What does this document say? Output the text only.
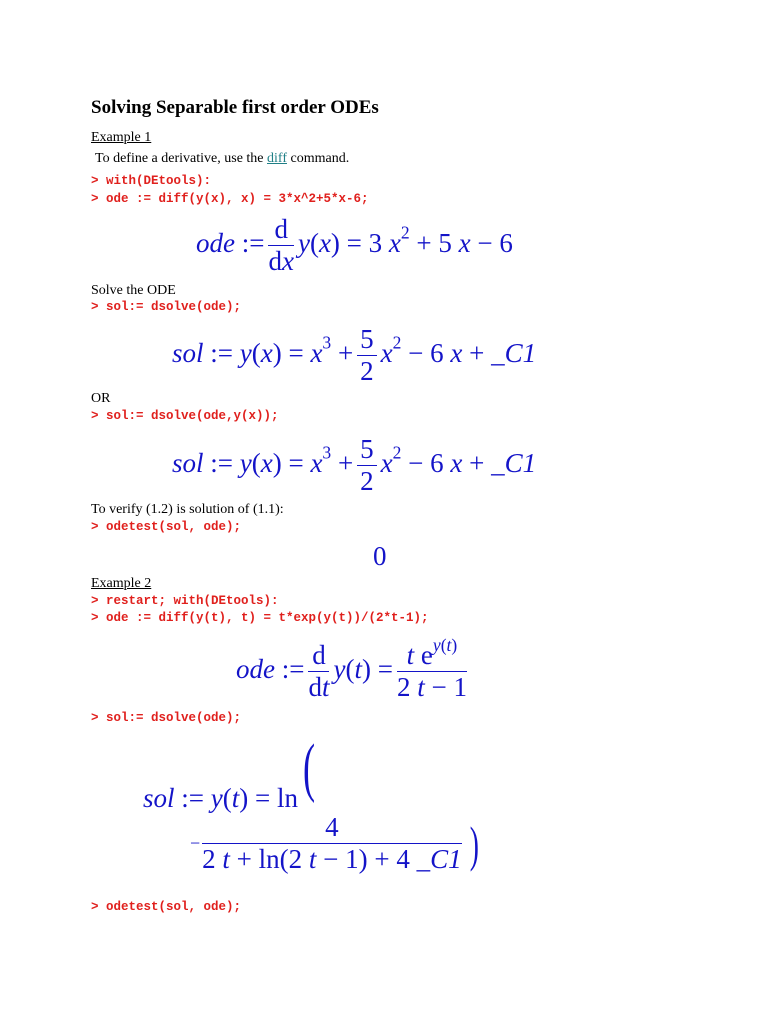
Solving Separable first order ODEs
Example 1
To define a derivative, use the diff command.
> with(DEtools):
> ode := diff(y(x), x) = 3*x^2+5*x-6;
ode := $\frac{d}{dx} y(x) = 3$ $x^2 + 5$ x − 6
Solve the ODE
> sol:= dsolve(ode);
sol := $y(x) = x^3 + \frac{5}{2} x^2 - 6$ x + _C1
OR
> sol:= dsolve(ode,y(x));
sol := $y(x) = x^3 + \frac{5}{2} x^2 - 6$ x + _C1
To verify (1.2) is solution of (1.1):
> odetest(sol, ode);
0
Example 2
> restart; with(DEtools):
> ode := diff(y(t), t) = t*exp(y(t))/(2*t-1);
ode := $\frac{d}{dt} y(t) = \frac{t e^{y(t)}}{2 t - 1}$
> sol:= dsolve(ode);
sol := y(t) = ln(
− $\frac{4}{2 t + \ln(2 t - 1) + 4 \_C1}$ )
> odetest(sol, ode);
